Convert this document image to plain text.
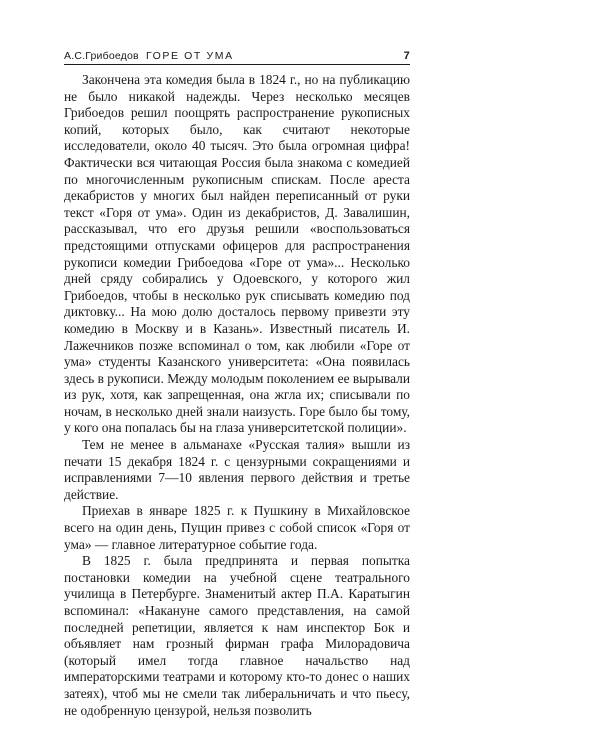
А.С.Грибоедов ГОРЕ ОТ УМА	7

Закончена эта комедия была в 1824 г., но на публикацию не было никакой надежды. Через несколько месяцев Грибоедов решил поощрять распространение рукописных копий, которых было, как считают некоторые исследователи, около 40 тысяч. Это была огромная цифра! Фактически вся читающая Россия была знакома с комедией по многочисленным рукописным спискам. После ареста декабристов у многих был найден переписанный от руки текст «Горя от ума». Один из декабристов, Д. Завалишин, рассказывал, что его друзья решили «воспользоваться предстоящими отпусками офицеров для распространения рукописи комедии Грибоедова «Горе от ума»... Несколько дней сряду собирались у Одоевского, у которого жил Грибоедов, чтобы в несколько рук списывать комедию под диктовку... На мою долю досталось первому привезти эту комедию в Москву и в Казань». Известный писатель И. Лажечников позже вспоминал о том, как любили «Горе от ума» студенты Казанского университета: «Она появилась здесь в рукописи. Между молодым поколением ее вырывали из рук, хотя, как запрещенная, она жгла их; списывали по ночам, в несколько дней знали наизусть. Горе было бы тому, у кого она попалась бы на глаза университетской полиции».

Тем не менее в альманахе «Русская талия» вышли из печати 15 декабря 1824 г. с цензурными сокращениями и исправлениями 7—10 явления первого действия и третье действие.

Приехав в январе 1825 г. к Пушкину в Михайловское всего на один день, Пущин привез с собой список «Горя от ума» — главное литературное событие года.

В 1825 г. была предпринята и первая попытка постановки комедии на учебной сцене театрального училища в Петербурге. Знаменитый актер П.А. Каратыгин вспоминал: «Накануне самого представления, на самой последней репетиции, является к нам инспектор Бок и объявляет нам грозный фирман графа Милорадовича (который имел тогда главное начальство над императорскими театрами и которому кто-то донес о наших затеях), чтоб мы не смели так либеральничать и что пьесу, не одобренную цензурой, нельзя позволить
